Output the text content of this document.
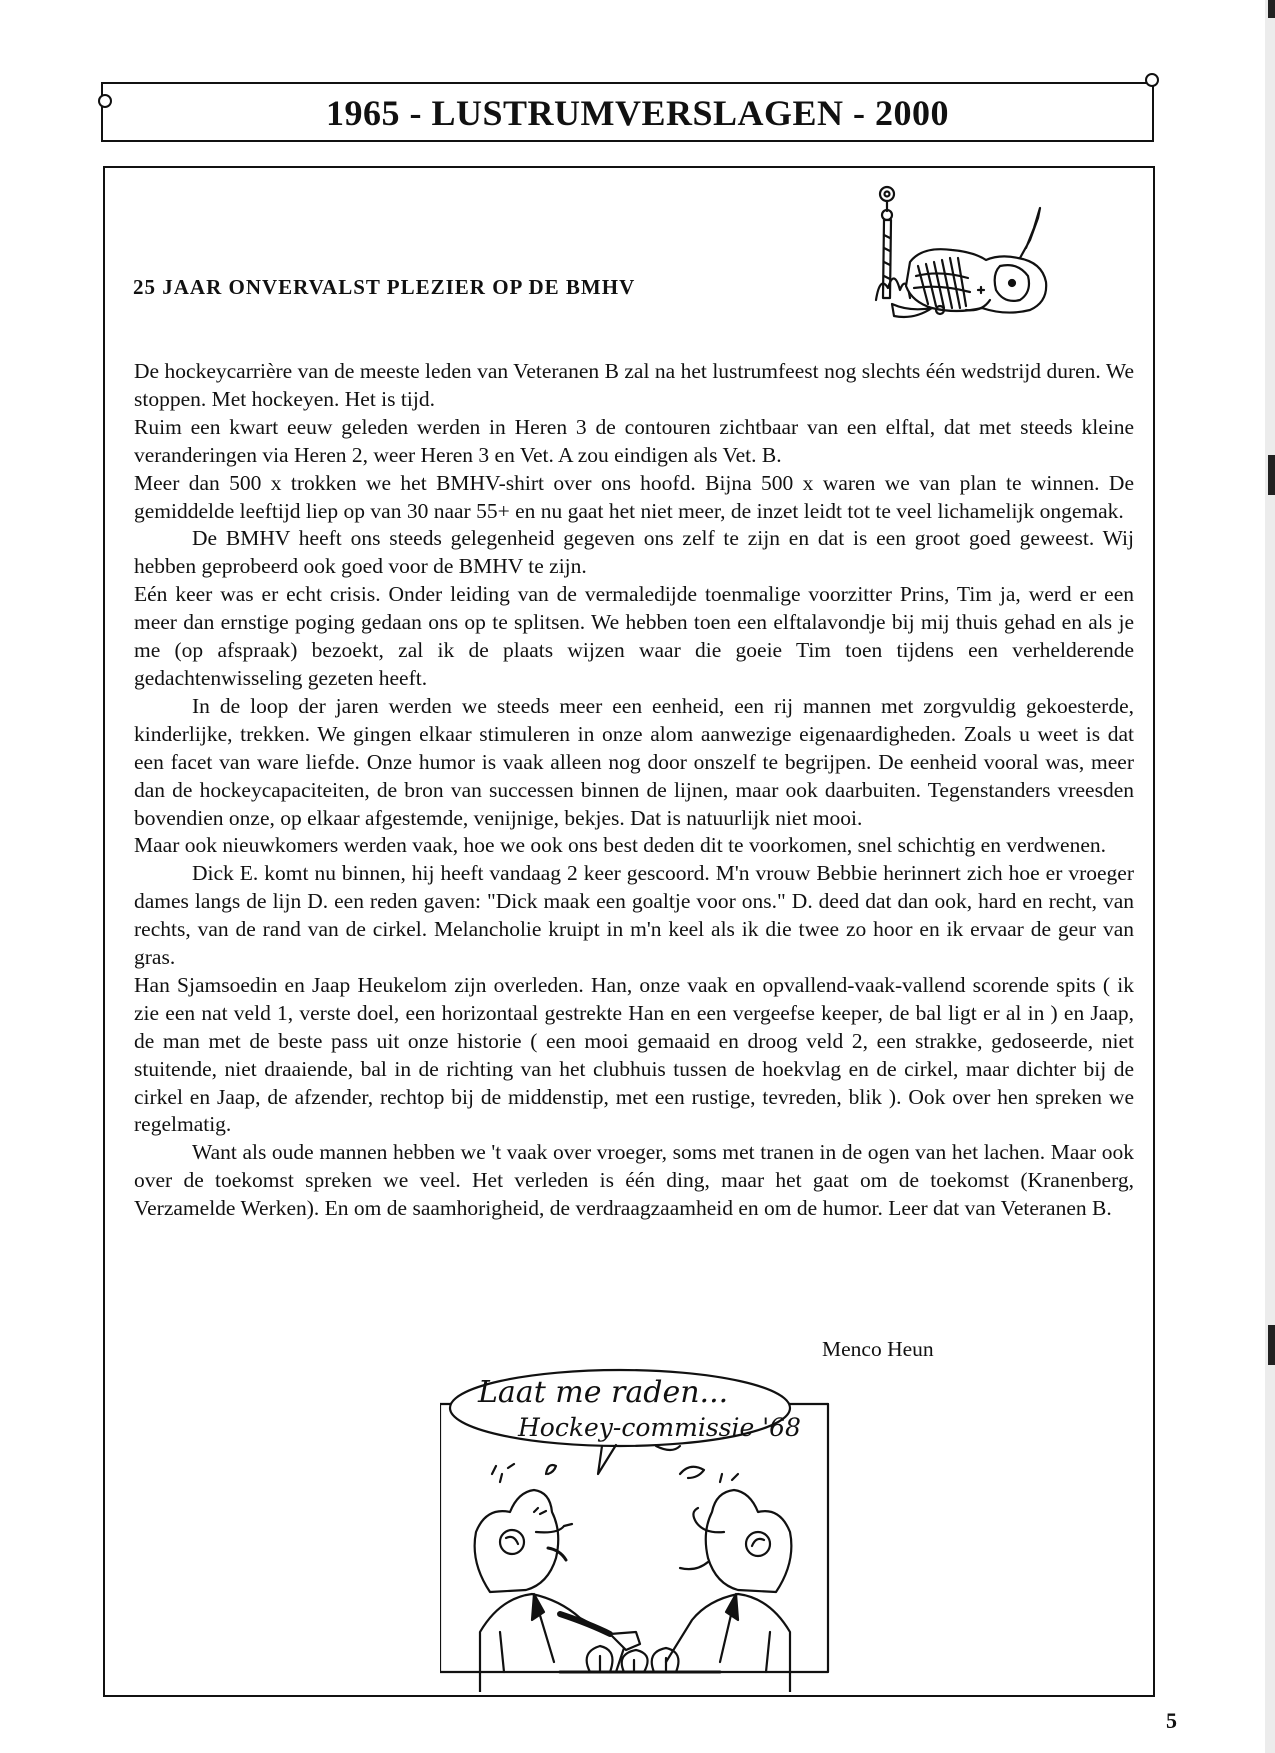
1965 - LUSTRUMVERSLAGEN - 2000
25 JAAR ONVERVALST PLEZIER OP DE BMHV

De hockeycarrière van de meeste leden van Veteranen B zal na het lustrumfeest nog slechts één wedstrijd duren. We stoppen. Met hockeyen. Het is tijd.

Ruim een kwart eeuw geleden werden in Heren 3 de contouren zichtbaar van een elftal, dat met steeds kleine veranderingen via Heren 2, weer Heren 3 en Vet. A zou eindigen als Vet. B.

Meer dan 500 x trokken we het BMHV-shirt over ons hoofd. Bijna 500 x waren we van plan te winnen. De gemiddelde leeftijd liep op van 30 naar 55+ en nu gaat het niet meer, de inzet leidt tot te veel lichamelijk ongemak.

De BMHV heeft ons steeds gelegenheid gegeven ons zelf te zijn en dat is een groot goed geweest. Wij hebben geprobeerd ook goed voor de BMHV te zijn.

Eén keer was er echt crisis. Onder leiding van de vermaledijde toenmalige voorzitter Prins, Tim ja, werd er een meer dan ernstige poging gedaan ons op te splitsen. We hebben toen een elftalavondje bij mij thuis gehad en als je me (op afspraak) bezoekt, zal ik de plaats wijzen waar die goeie Tim toen tijdens een verhelderende gedachtenwisseling gezeten heeft.

In de loop der jaren werden we steeds meer een eenheid, een rij mannen met zorgvuldig gekoesterde, kinderlijke, trekken. We gingen elkaar stimuleren in onze alom aanwezige eigenaardigheden. Zoals u weet is dat een facet van ware liefde. Onze humor is vaak alleen nog door onszelf te begrijpen. De eenheid vooral was, meer dan de hockeycapaciteiten, de bron van successen binnen de lijnen, maar ook daarbuiten. Tegenstanders vreesden bovendien onze, op elkaar afgestemde, venijnige, bekjes. Dat is natuurlijk niet mooi.

Maar ook nieuwkomers werden vaak, hoe we ook ons best deden dit te voorkomen, snel schichtig en verdwenen.

Dick E. komt nu binnen, hij heeft vandaag 2 keer gescoord. M'n vrouw Bebbie herinnert zich hoe er vroeger dames langs de lijn D. een reden gaven: "Dick maak een goaltje voor ons." D. deed dat dan ook, hard en recht, van rechts, van de rand van de cirkel. Melancholie kruipt in m'n keel als ik die twee zo hoor en ik ervaar de geur van gras.

Han Sjamsoedin en Jaap Heukelom zijn overleden. Han, onze vaak en opvallend-vaak-vallend scorende spits ( ik zie een nat veld 1, verste doel, een horizontaal gestrekte Han en een vergeefse keeper, de bal ligt er al in ) en Jaap, de man met de beste pass uit onze historie ( een mooi gemaaid en droog veld 2, een strakke, gedoseerde, niet stuitende, niet draaiende, bal in de richting van het clubhuis tussen de hoekvlag en de cirkel, maar dichter bij de cirkel en Jaap, de afzender, rechtop bij de middenstip, met een rustige, tevreden, blik ). Ook over hen spreken we regelmatig.

Want als oude mannen hebben we 't vaak over vroeger, soms met tranen in de ogen van het lachen. Maar ook over de toekomst spreken we veel. Het verleden is één ding, maar het gaat om de toekomst (Kranenberg, Verzamelde Werken). En om de saamhorigheid, de verdraagzaamheid en om de humor. Leer dat van Veteranen B.

Menco Heun
Laat me raden...
Hockey-commissie '68
5
